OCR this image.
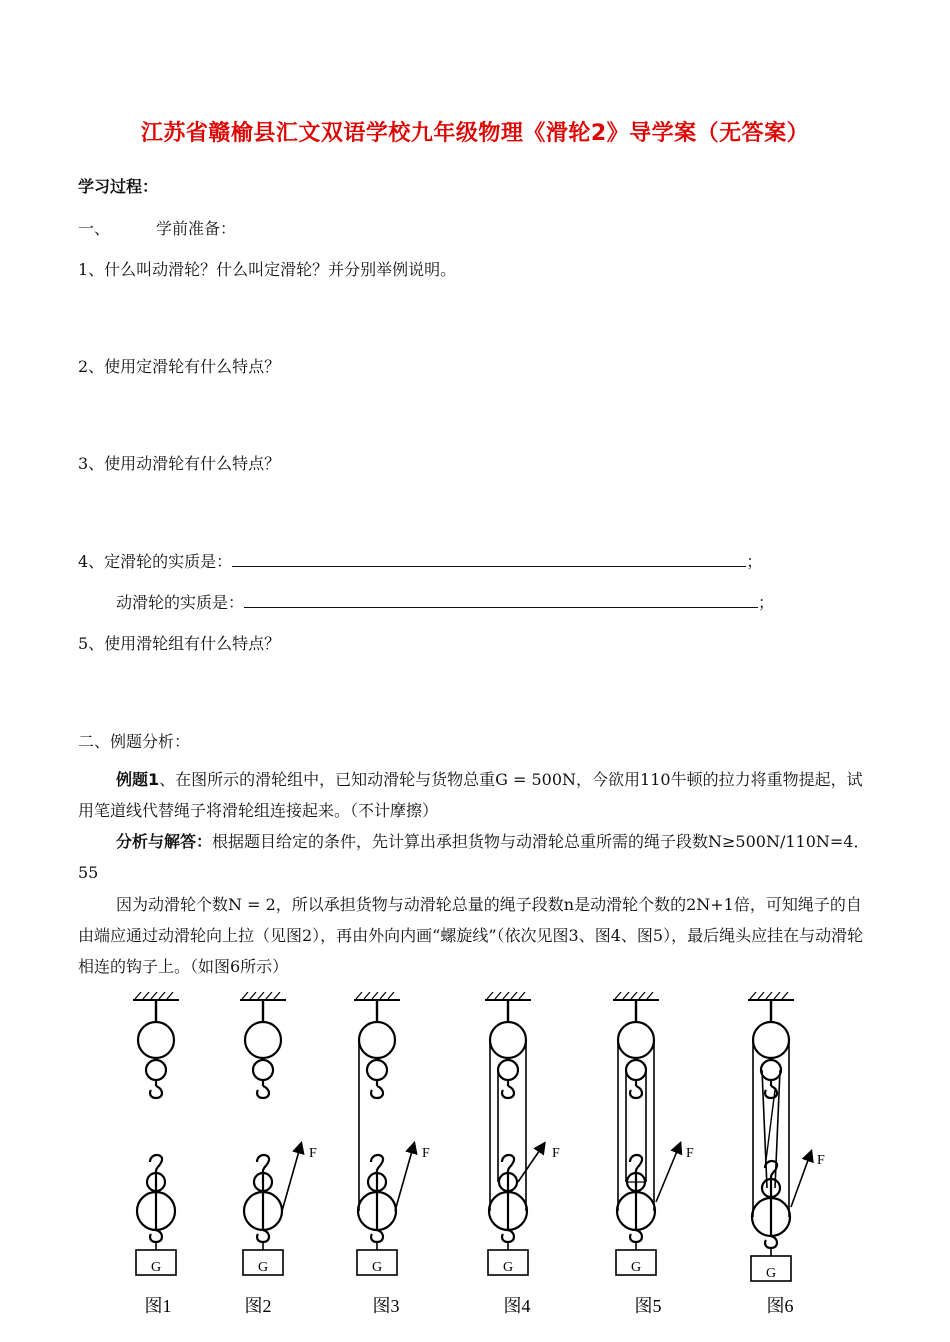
江苏省赣榆县汇文双语学校九年级物理《滑轮2》导学案（无答案）
学习过程：
一、	学前准备：
1、什么叫动滑轮？什么叫定滑轮？并分别举例说明。
2、使用定滑轮有什么特点？
3、使用动滑轮有什么特点？
4、定滑轮的实质是：	；
动滑轮的实质是：	；
5、使用滑轮组有什么特点？
二、例题分析：
例题1、在图所示的滑轮组中，已知动滑轮与货物总重G = 500N，今欲用110牛顿的拉力将重物提起，试用笔道线代替绳子将滑轮组连接起来。（不计摩擦）
分析与解答：根据题目给定的条件，先计算出承担货物与动滑轮总重所需的绳子段数N≥500N/110N=4．55
因为动滑轮个数N = 2，所以承担货物与动滑轮总量的绳子段数n是动滑轮个数的2N+1倍，可知绳子的自由端应通过动滑轮向上拉（见图2），再由外向内画“螺旋线”（依次见图3、图4、图5），最后绳头应挂在与动滑轮相连的钩子上。（如图6所示）
G
F
G
F
G
F
G
F
G
F
G
图1	图2	图3	图4	图5	图6
